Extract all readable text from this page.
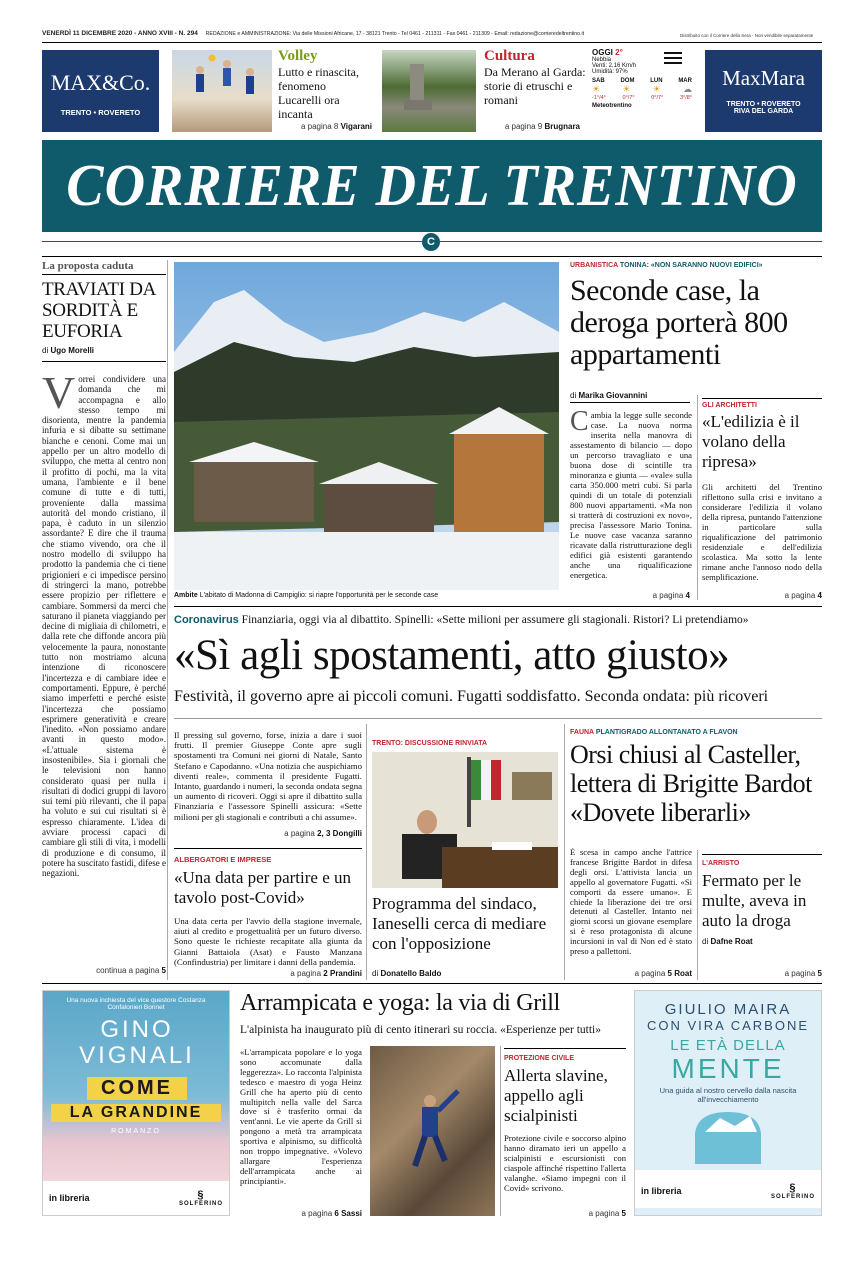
VENERDÌ 11 DICEMBRE 2020 - ANNO XVIII - N. 294 REDAZIONE e AMMINISTRAZIONE: Via delle Missioni Africane, 17 - 38121 Trento - Tel 0461 - 211311 - Fax 0461 - 211309 - Email: redazione@corrieredeltrentino.it	Distribuito con il Corriere della Sera - Non vendibile separatamente
MAX&Co.
TRENTO • ROVERETO
Volley
Lutto e rinascita, fenomeno Lucarelli ora incanta
a pagina 8 Vigarani
Cultura
Da Merano al Garda: storie di etruschi e romani
a pagina 9 Brugnara
OGGI 2°
Nebbia
Venti: 2,16 Km/h
Umidità: 97%
SAB	DOM	LUN	MAR
☀ ☀ ☀ ☁
-1°/4°	0°/7°	0°/7°	3°/8°
Meteotrentino
MaxMara
TRENTO • ROVERETO
RIVA DEL GARDA
CORRIERE DEL TRENTINO
C
La proposta caduta
TRAVIATI DA SORDITÀ E EUFORIA
di Ugo Morelli
Vorrei condividere una domanda che mi accompagna e allo stesso tempo mi disorienta, mentre la pandemia infuria e si dibatte su settimane bianche e cenoni. Come mai un appello per un altro modello di sviluppo, che metta al centro non il profitto di pochi, ma la vita umana, l'ambiente e il bene comune di tutte e di tutti, proveniente dalla massima autorità del mondo cristiano, il papa, è caduto in un silenzio assordante? E dire che il trauma che stiamo vivendo, ora che il nostro modello di sviluppo ha prodotto la pandemia che ci tiene prigionieri e ci impedisce persino di stringerci la mano, potrebbe essere propizio per riflettere e cambiare. Sommersi da merci che saturano il pianeta viaggiando per decine di migliaia di chilometri, e dalla rete che diffonde ancora più velocemente la paura, nonostante tutto non mostriamo alcuna intenzione di riconoscere l'incertezza e di cambiare idee e comportamenti. Eppure, è perché siamo imperfetti e perché esiste l'incertezza che possiamo esprimere generatività e creare l'inedito. «Non possiamo andare avanti in questo modo». «L'attuale sistema è insostenibile». Sia i giornali che le televisioni non hanno considerato quasi per nulla i risultati di dodici gruppi di lavoro sui temi più rilevanti, che il papa ha voluto e sui cui risultati si è espresso chiaramente. L'idea di avviare processi capaci di cambiare gli stili di vita, i modelli di produzione e di consumo, il potere ha suscitato fastidi, difese e negazioni.
continua a pagina 5
Ambite L'abitato di Madonna di Campiglio: si riapre l'opportunità per le seconde case
URBANISTICA TONINA: «NON SARANNO NUOVI EDIFICI»
Seconde case, la deroga porterà 800 appartamenti
di Marika Giovannini
Cambia la legge sulle seconde case. La nuova norma inserita nella manovra di assestamento di bilancio — dopo un percorso travagliato e una buona dose di scintille tra minoranza e giunta — «vale» sulla carta 350.000 metri cubi. Si parla quindi di un totale di potenziali 800 nuovi appartamenti. «Ma non si tratterà di costruzioni ex novo», precisa l'assessore Mario Tonina. Le nuove case vacanza saranno ricavate dalla ristrutturazione degli edifici già esistenti garantendo anche una riqualificazione energetica.
a pagina 4
GLI ARCHITETTI
«L'edilizia è il volano della ripresa»
Gli architetti del Trentino riflettono sulla crisi e invitano a considerare l'edilizia il volano della ripresa, puntando l'attenzione in particolare sulla riqualificazione del patrimonio residenziale e dell'edilizia scolastica. Ma sotto la lente rimane anche l'annoso nodo della semplificazione.
a pagina 4
Coronavirus Finanziaria, oggi via al dibattito. Spinelli: «Sette milioni per assumere gli stagionali. Ristori? Li pretendiamo»
«Sì agli spostamenti, atto giusto»
Festività, il governo apre ai piccoli comuni. Fugatti soddisfatto. Seconda ondata: più ricoveri
Il pressing sul governo, forse, inizia a dare i suoi frutti. Il premier Giuseppe Conte apre sugli spostamenti tra Comuni nei giorni di Natale, Santo Stefano e Capodanno. «Una notizia che auspichiamo diventi reale», commenta il presidente Fugatti. Intanto, guardando i numeri, la seconda ondata segna un aumento di ricoveri. Oggi si apre il dibattito sulla Finanziaria e l'assessore Spinelli assicura: «Sette milioni per gli stagionali e contributi a chi assume».
a pagina 2, 3 Dongilli
ALBERGATORI E IMPRESE
«Una data per partire e un tavolo post-Covid»
Una data certa per l'avvio della stagione invernale, aiuti al credito e progettualità per un futuro diverso. Sono queste le richieste recapitate alla giunta da Gianni Battaiola (Asat) e Fausto Manzana (Confindustria) per limitare i danni della pandemia.
a pagina 2 Prandini
TRENTO: DISCUSSIONE RINVIATA
Programma del sindaco, Ianeselli cerca di mediare con l'opposizione
di Donatello Baldo
FAUNA PLANTIGRADO ALLONTANATO A FLAVON
Orsi chiusi al Casteller, lettera di Brigitte Bardot «Dovete liberarli»
È scesa in campo anche l'attrice francese Brigitte Bardot in difesa degli orsi. L'attivista lancia un appello al governatore Fugatti. «Si comporti da essere umano». E chiede la liberazione dei tre orsi detenuti al Casteller. Intanto nei giorni scorsi un giovane esemplare si è reso protagonista di alcune incursioni in val di Non ed è stato preso a pallettoni.
a pagina 5 Roat
L'ARRISTO
Fermato per le multe, aveva in auto la droga
di Dafne Roat
a pagina 5
Una nuova inchiesta del vice questore Costanza Confalonieri Bonnet
GINO VIGNALI
COME
LA GRANDINE
ROMANZO
in libreria	§
SOLFERINO
Arrampicata e yoga: la via di Grill
L'alpinista ha inaugurato più di cento itinerari su roccia. «Esperienze per tutti»
«L'arrampicata popolare e lo yoga sono accomunate dalla leggerezza». Lo racconta l'alpinista tedesco e maestro di yoga Heinz Grill che ha aperto più di cento multipitch nella valle del Sarca dove si è trasferito ormai da vent'anni. Le vie aperte da Grill si pongono a metà tra arrampicata sportiva e alpinismo, su difficoltà non troppo impegnative. «Volevo allargare l'esperienza dell'arrampicata anche ai principianti».
a pagina 6 Sassi
PROTEZIONE CIVILE
Allerta slavine, appello agli scialpinisti
Protezione civile e soccorso alpino hanno diramato ieri un appello a scialpinisti e escursionisti con ciaspole affinché rispettino l'allerta valanghe. «Siamo impegni con il Covid» scrivono.
a pagina 5
GIULIO MAIRA
CON VIRA CARBONE
LE ETÀ DELLA
MENTE
Una guida al nostro cervello dalla nascita all'invecchiamento
in libreria	§
SOLFERINO
